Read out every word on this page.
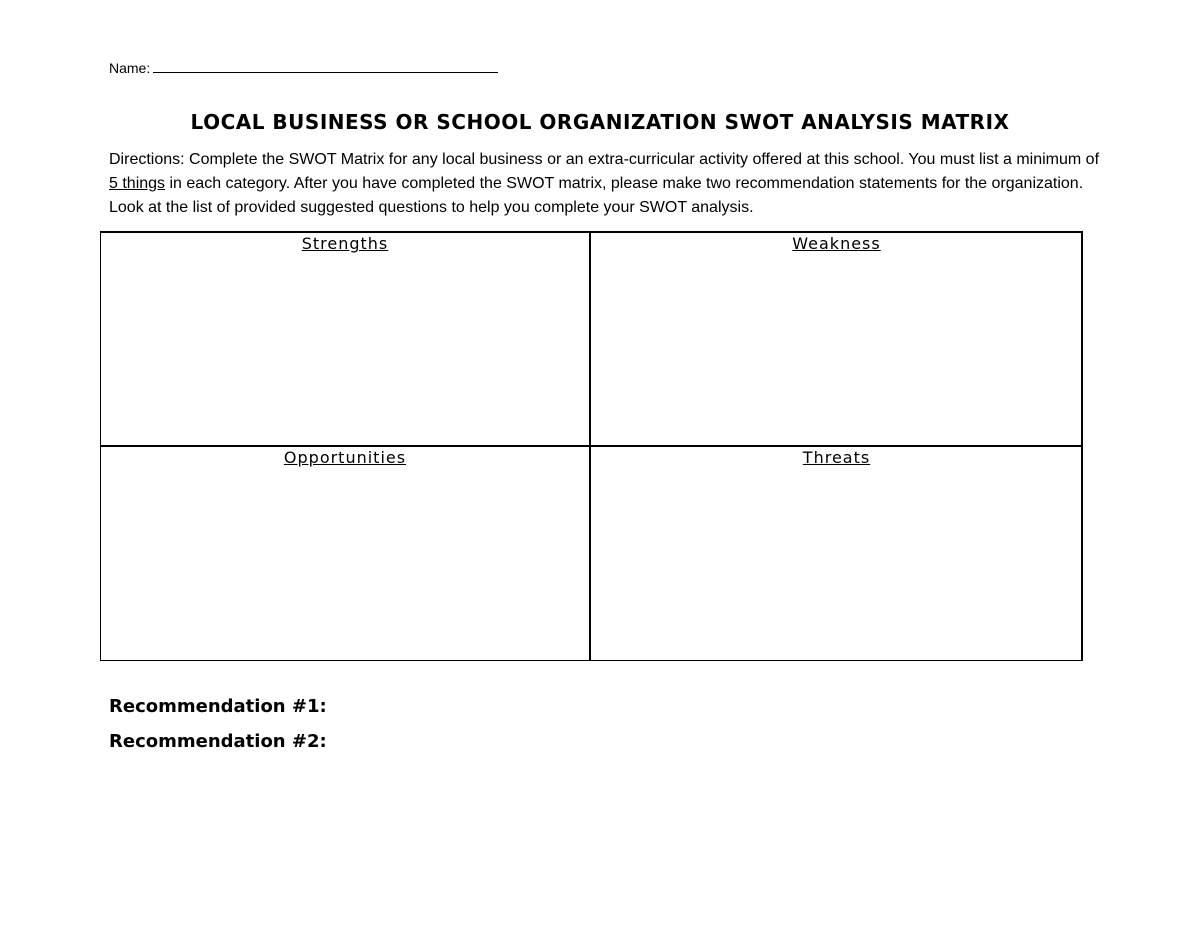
Name:
LOCAL BUSINESS OR SCHOOL ORGANIZATION SWOT ANALYSIS MATRIX
Directions: Complete the SWOT Matrix for any local business or an extra-curricular activity offered at this school. You must list a minimum of 5 things in each category. After you have completed the SWOT matrix, please make two recommendation statements for the organization. Look at the list of provided suggested questions to help you complete your SWOT analysis.
Strengths	Weakness
Opportunities	Threats
Recommendation #1:
Recommendation #2:
